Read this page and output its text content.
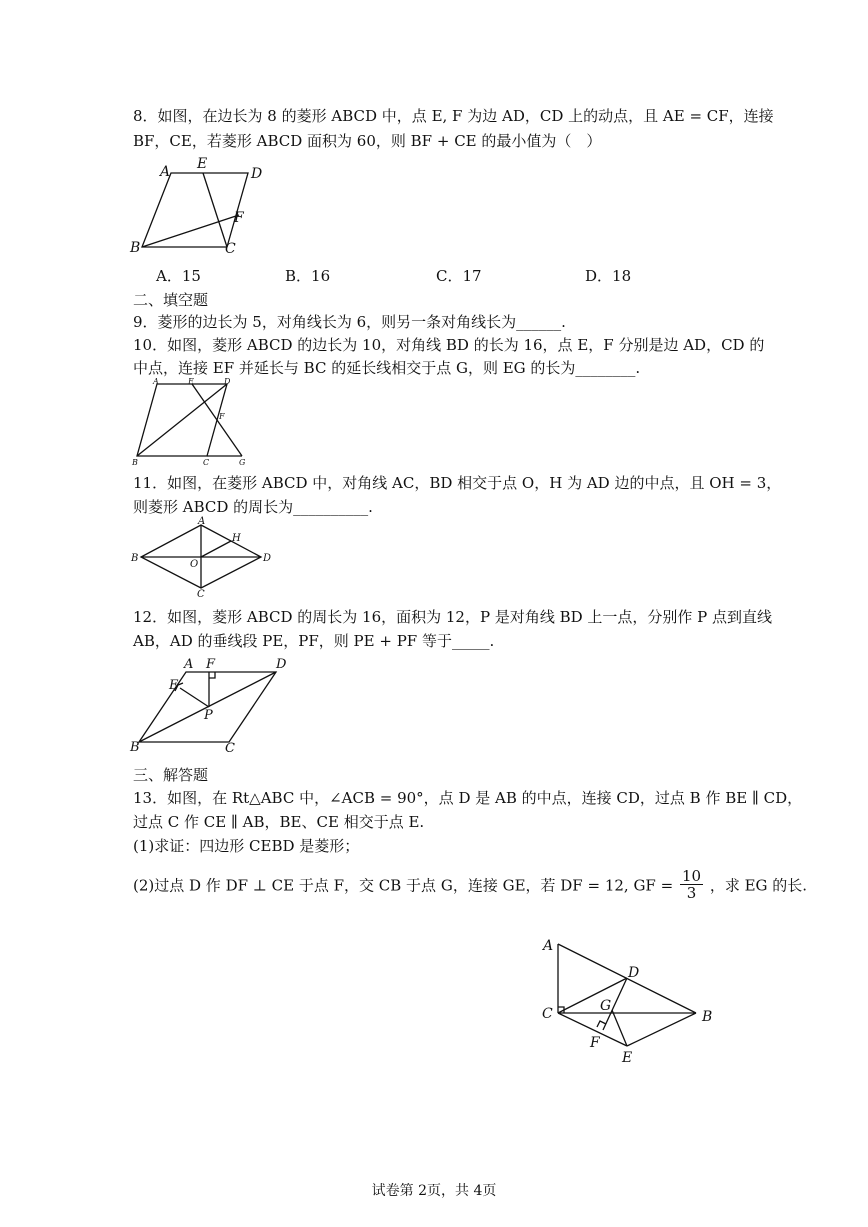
8．如图，在边长为 8 的菱形 ABCD 中，点 E, F 为边 AD，CD 上的动点，且 AE = CF，连接
BF，CE，若菱形 ABCD 面积为 60，则 BF + CE 的最小值为（　）
A E
D
F
B	C
A．15	B．16	C．17	D．18
二、填空题
9．菱形的边长为 5，对角线长为 6，则另一条对角线长为______.
10．如图，菱形 ABCD 的边长为 10，对角线 BD 的长为 16，点 E，F 分别是边 AD，CD 的
中点，连接 EF 并延长与 BC 的延长线相交于点 G，则 EG 的长为________.
A	E	D
F
B	C	G
11．如图，在菱形 ABCD 中，对角线 AC，BD 相交于点 O，H 为 AD 边的中点，且 OH = 3，
则菱形 ABCD 的周长为__________.
A
H
B
O
D
C
12．如图，菱形 ABCD 的周长为 16，面积为 12，P 是对角线 BD 上一点，分别作 P 点到直线
AB，AD 的垂线段 PE，PF，则 PE + PF 等于_____.
A F	D
E
P
B	C
三、解答题
13．如图，在 Rt△ABC 中，∠ACB = 90°，点 D 是 AB 的中点，连接 CD，过点 B 作 BE ∥ CD，
过点 C 作 CE ∥ AB，BE、CE 相交于点 E.
(1)求证：四边形 CEBD 是菱形；
(2)过点 D 作 DF ⊥ CE 于点 F，交 CB 于点 G，连接 GE，若 DF = 12, GF = $\frac{10}{3}$ ，求 EG 的长.
A
D
G
C	B
F
E
试卷第 2页，共 4页
